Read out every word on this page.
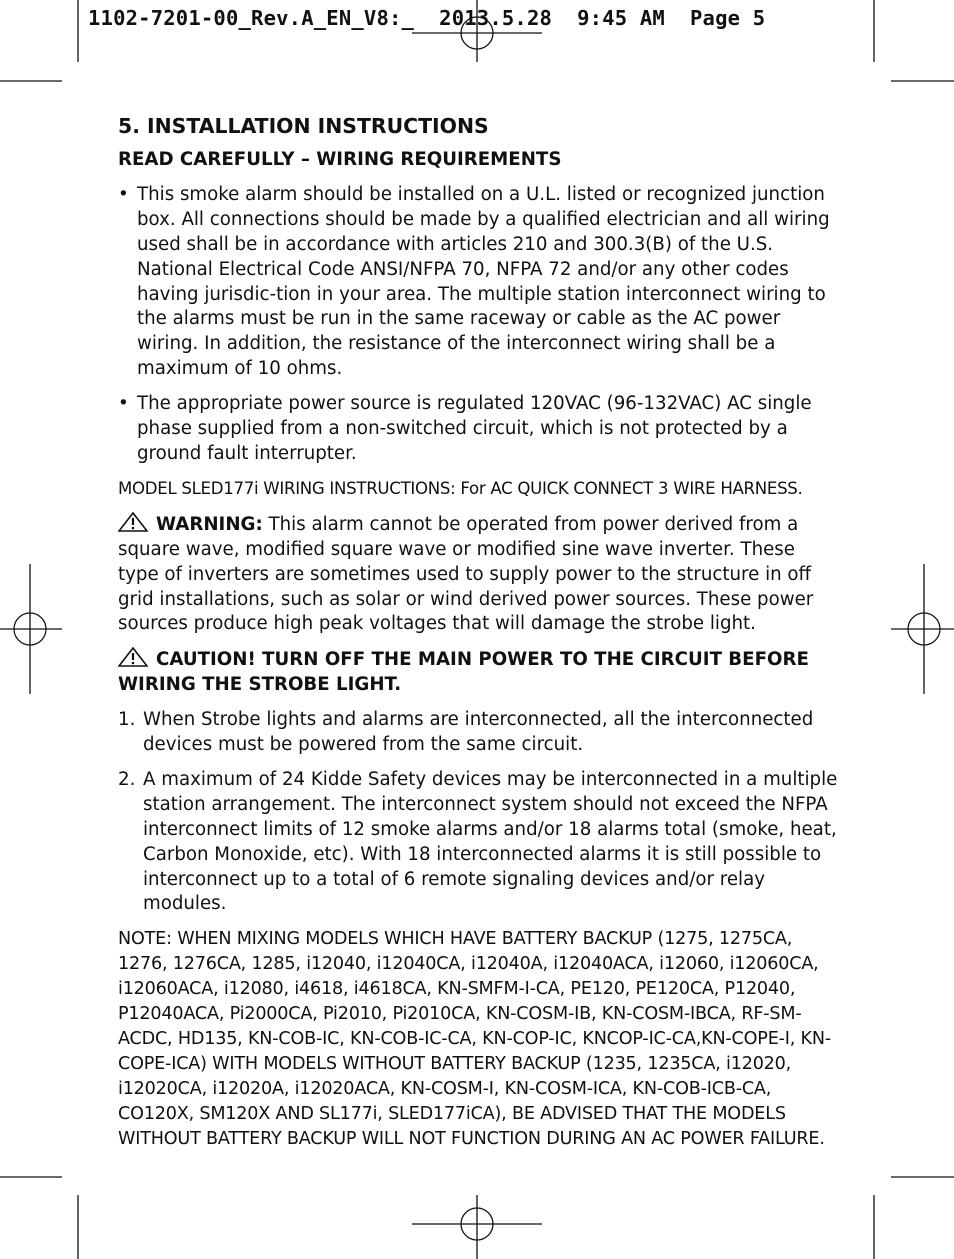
1102-7201-00_Rev.A_EN_V8:_  2013.5.28  9:45 AM  Page 5
5. INSTALLATION INSTRUCTIONS
READ CAREFULLY – WIRING REQUIREMENTS
• This smoke alarm should be installed on a U.L. listed or recognized junction box. All connections should be made by a qualified electrician and all wiring used shall be in accordance with articles 210 and 300.3(B) of the U.S. National Electrical Code ANSI/NFPA 70, NFPA 72 and/or any other codes having jurisdic-tion in your area. The multiple station interconnect wiring to the alarms must be run in the same raceway or cable as the AC power wiring. In addition, the resistance of the interconnect wiring shall be a maximum of 10 ohms.
• The appropriate power source is regulated 120VAC (96-132VAC) AC single phase supplied from a non-switched circuit, which is not protected by a ground fault interrupter.
MODEL SLED177i WIRING INSTRUCTIONS: For AC QUICK CONNECT 3 WIRE HARNESS.
WARNING: This alarm cannot be operated from power derived from a square wave, modified square wave or modified sine wave inverter. These type of inverters are sometimes used to supply power to the structure in off grid installations, such as solar or wind derived power sources. These power sources produce high peak voltages that will damage the strobe light.
CAUTION! TURN OFF THE MAIN POWER TO THE CIRCUIT BEFORE WIRING THE STROBE LIGHT.
1. When Strobe lights and alarms are interconnected, all the interconnected devices must be powered from the same circuit.
2. A maximum of 24 Kidde Safety devices may be interconnected in a multiple station arrangement. The interconnect system should not exceed the NFPA interconnect limits of 12 smoke alarms and/or 18 alarms total (smoke, heat, Carbon Monoxide, etc). With 18 interconnected alarms it is still possible to interconnect up to a total of 6 remote signaling devices and/or relay modules.
NOTE: WHEN MIXING MODELS WHICH HAVE BATTERY BACKUP (1275, 1275CA, 1276, 1276CA, 1285, i12040, i12040CA, i12040A, i12040ACA, i12060, i12060CA, i12060ACA, i12080, i4618, i4618CA, KN-SMFM-I-CA, PE120, PE120CA, P12040, P12040ACA, Pi2000CA, Pi2010, Pi2010CA, KN-COSM-IB, KN-COSM-IBCA, RF-SM-ACDC, HD135, KN-COB-IC, KN-COB-IC-CA, KN-COP-IC, KNCOP-IC-CA,KN-COPE-I, KN-COPE-ICA) WITH MODELS WITHOUT BATTERY BACKUP (1235, 1235CA, i12020, i12020CA, i12020A, i12020ACA, KN-COSM-I, KN-COSM-ICA, KN-COB-ICB-CA, CO120X, SM120X AND SL177i, SLED177iCA), BE ADVISED THAT THE MODELS WITHOUT BATTERY BACKUP WILL NOT FUNCTION DURING AN AC POWER FAILURE.
